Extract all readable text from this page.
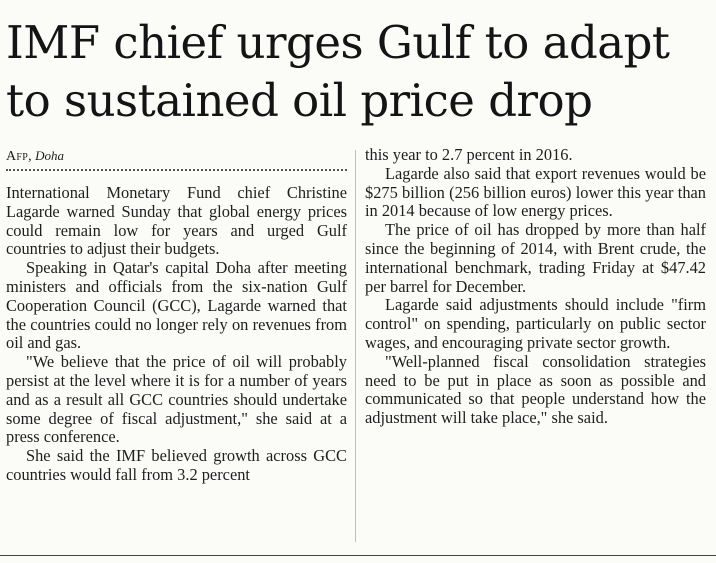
IMF chief urges Gulf to adapt
to sustained oil price drop
Afp, Doha

International Monetary Fund chief Christine Lagarde warned Sunday that global energy prices could remain low for years and urged Gulf countries to adjust their budgets.

Speaking in Qatar's capital Doha after meeting ministers and officials from the six-nation Gulf Cooperation Council (GCC), Lagarde warned that the countries could no longer rely on revenues from oil and gas.

"We believe that the price of oil will probably persist at the level where it is for a number of years and as a result all GCC countries should undertake some degree of fiscal adjustment," she said at a press conference.

She said the IMF believed growth across GCC countries would fall from 3.2 percent

this year to 2.7 percent in 2016.

Lagarde also said that export revenues would be $275 billion (256 billion euros) lower this year than in 2014 because of low energy prices.

The price of oil has dropped by more than half since the beginning of 2014, with Brent crude, the international benchmark, trading Friday at $47.42 per barrel for December.

Lagarde said adjustments should include "firm control" on spending, particularly on public sector wages, and encouraging private sector growth.

"Well-planned fiscal consolidation strategies need to be put in place as soon as possible and communicated so that people understand how the adjustment will take place," she said.
